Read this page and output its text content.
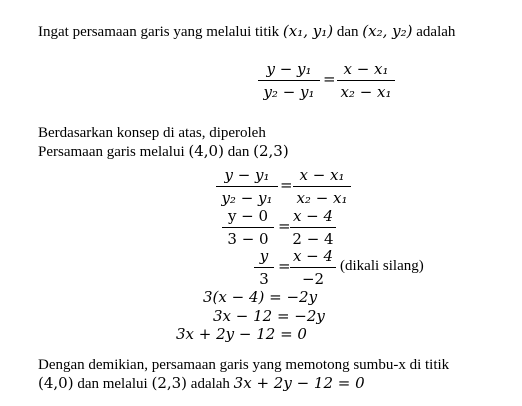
Ingat persamaan garis yang melalui titik (x₁, y₁) dan (x₂, y₂) adalah
y − y₁
y₂ − y₁
=
x − x₁
x₂ − x₁
Berdasarkan konsep di atas, diperoleh
Persamaan garis melalui (4,0) dan (2,3)
y − y₁
y₂ − y₁
=
x − x₁
x₂ − x₁
y − 0
3 − 0
=
x − 4
2 − 4
y
3
=
x − 4
−2
(dikali silang)
3(x − 4) = −2y
3x − 12 = −2y
3x + 2y − 12 = 0
Dengan demikian, persamaan garis yang memotong sumbu-x di titik
(4,0) dan melalui (2,3) adalah 3x + 2y − 12 = 0
